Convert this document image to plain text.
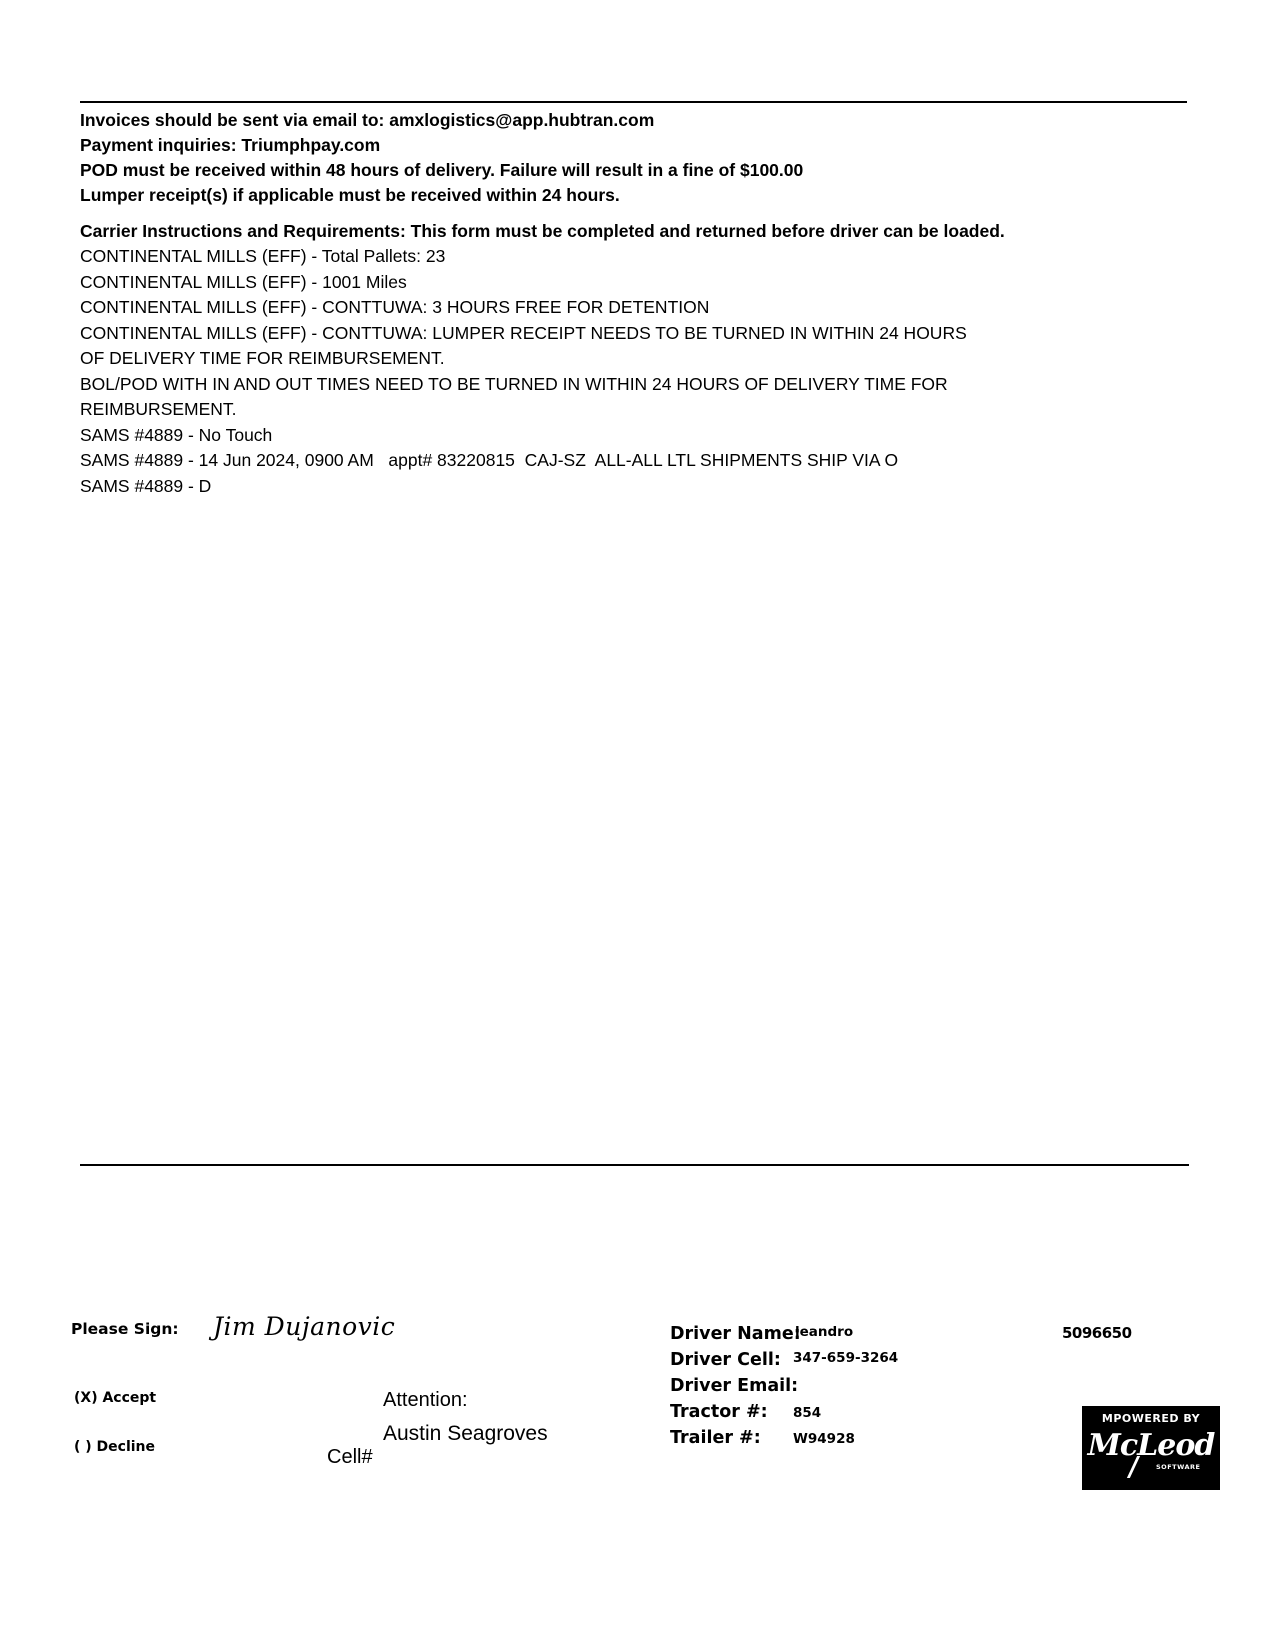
Invoices should be sent via email to: amxlogistics@app.hubtran.com
Payment inquiries: Triumphpay.com
POD must be received within 48 hours of delivery. Failure will result in a fine of $100.00
Lumper receipt(s) if applicable must be received within 24 hours.
Carrier Instructions and Requirements: This form must be completed and returned before driver can be loaded.
CONTINENTAL MILLS (EFF) - Total Pallets: 23
CONTINENTAL MILLS (EFF) - 1001 Miles
CONTINENTAL MILLS (EFF) - CONTTUWA: 3 HOURS FREE FOR DETENTION
CONTINENTAL MILLS (EFF) - CONTTUWA: LUMPER RECEIPT NEEDS TO BE TURNED IN WITHIN 24 HOURS
OF DELIVERY TIME FOR REIMBURSEMENT.
BOL/POD WITH IN AND OUT TIMES NEED TO BE TURNED IN WITHIN 24 HOURS OF DELIVERY TIME FOR
REIMBURSEMENT.
SAMS #4889 - No Touch
SAMS #4889 - 14 Jun 2024, 0900 AM   appt# 83220815  CAJ-SZ  ALL-ALL LTL SHIPMENTS SHIP VIA O
SAMS #4889 - D
Please Sign: Jim Dujanovic
(X) Accept
( ) Decline
Attention:
Austin Seagroves
Cell#
Driver Name:
leandro
Driver Cell: 347-659-3264
Driver Email:
Tractor #: 854
Trailer #: W94928
5096650
MPOWERED BY
McLeod
SOFTWARE
